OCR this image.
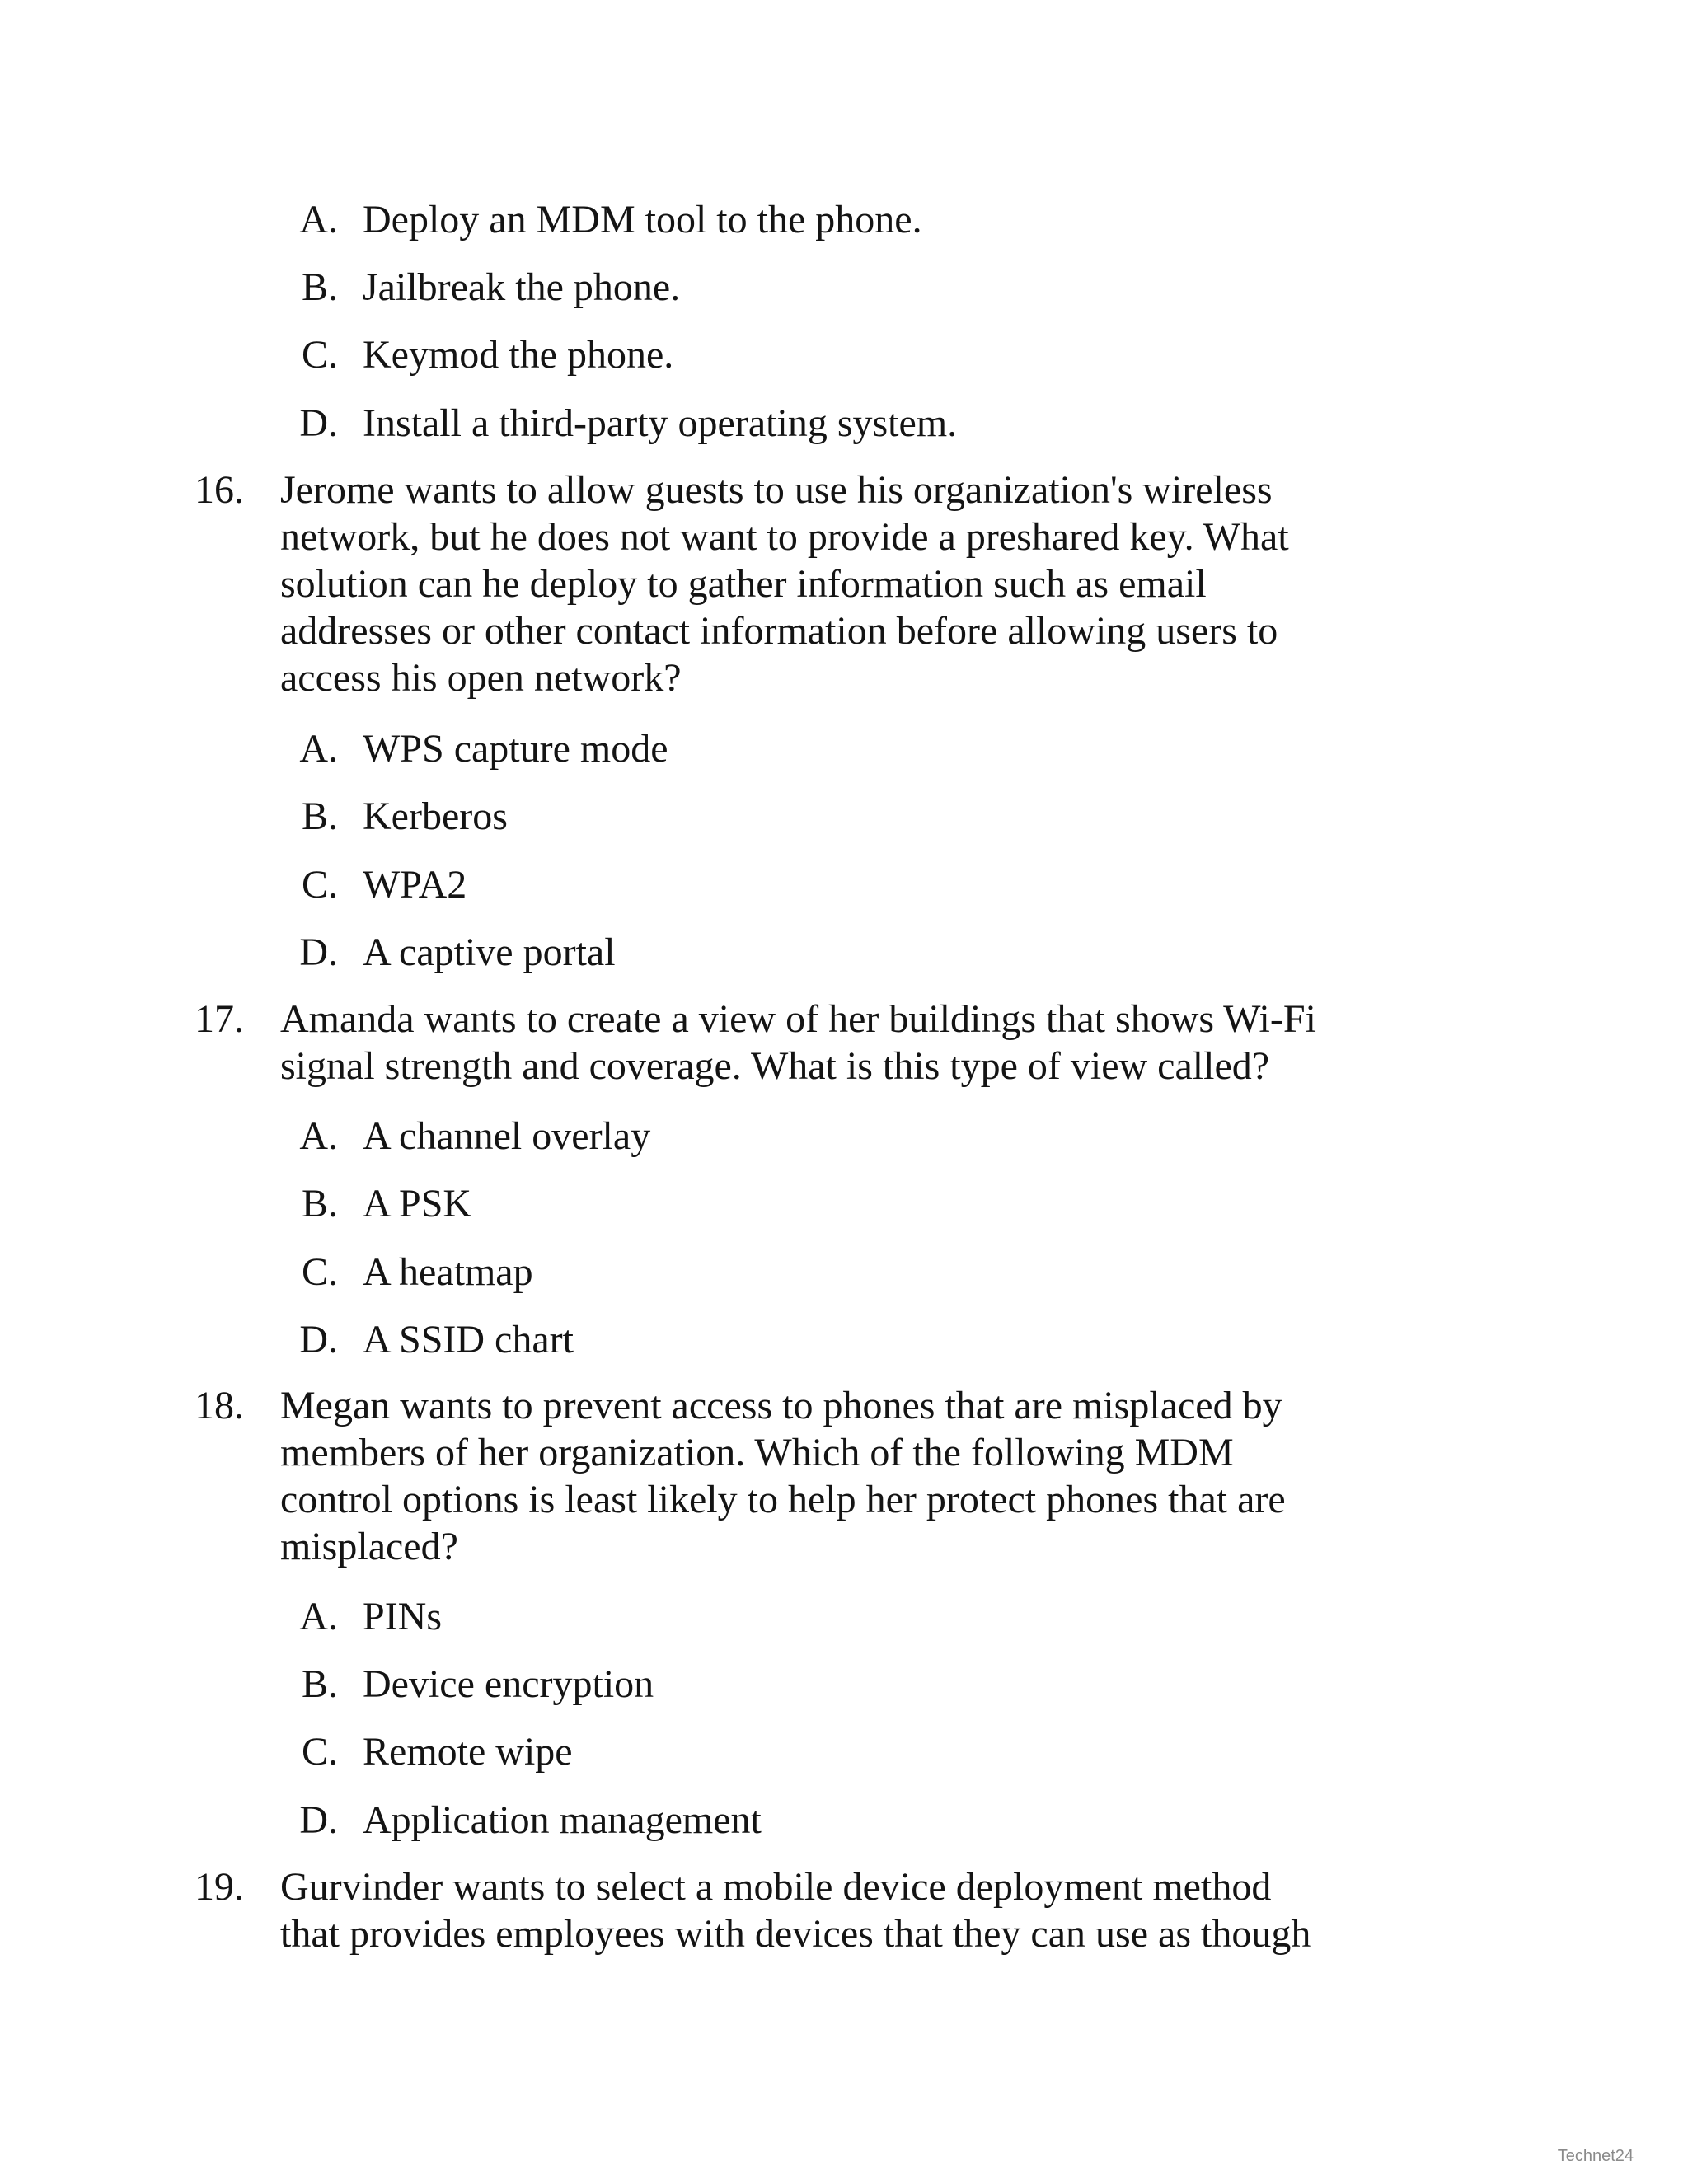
A. Deploy an MDM tool to the phone.
B. Jailbreak the phone.
C. Keymod the phone.
D. Install a third-party operating system.
16. Jerome wants to allow guests to use his organization's wireless
network, but he does not want to provide a preshared key. What
solution can he deploy to gather information such as email
addresses or other contact information before allowing users to
access his open network?

A. WPS capture mode
B. Kerberos
C. WPA2
D. A captive portal
17. Amanda wants to create a view of her buildings that shows Wi-Fi
signal strength and coverage. What is this type of view called?

A. A channel overlay
B. A PSK
C. A heatmap
D. A SSID chart
18. Megan wants to prevent access to phones that are misplaced by
members of her organization. Which of the following MDM
control options is least likely to help her protect phones that are
misplaced?

A. PINs
B. Device encryption
C. Remote wipe
D. Application management
19. Gurvinder wants to select a mobile device deployment method
that provides employees with devices that they can use as though

Technet24
